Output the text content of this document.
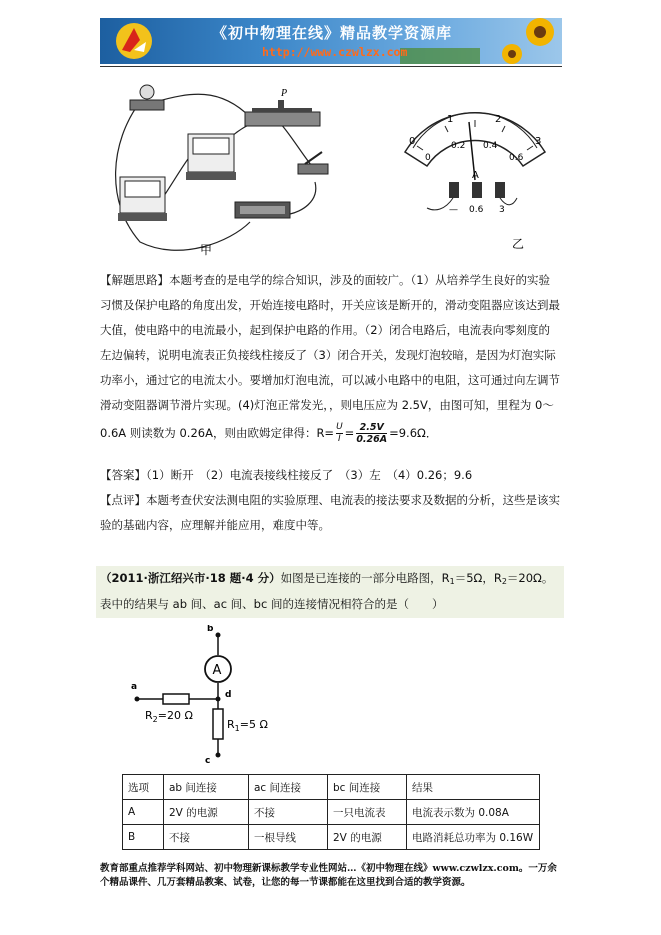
《初中物理在线》精品教学资源库
http://www.czwlzx.com
P
甲
0
1	2
3
0
0.2 0.4
0.6
A
— 0.6 3
乙
【解题思路】本题考查的是电学的综合知识，涉及的面较广。（1）从培养学生良好的实验
习惯及保护电路的角度出发，开始连接电路时，开关应该是断开的，滑动变阻器应该达到最
大值，使电路中的电流最小，起到保护电路的作用。（2）闭合电路后，电流表向零刻度的
左边偏转，说明电流表正负接线柱接反了（3）闭合开关，发现灯泡较暗，是因为灯泡实际
功率小，通过它的电流太小。要增加灯泡电流，可以减小电路中的电阻，这可通过向左调节
滑动变阻器调节滑片实现。(4)灯泡正常发光，，则电压应为 2.5V，由图可知，里程为 0～
0.6A 则读数为 0.26A，则由欧姆定律得：$R= \frac{U}{I} = \frac{2.5V}{0.26A} =9.6\Omega$．
【答案】（1）断开　（2）电流表接线柱接反了　（3）左　（4）0.26；9.6
【点评】本题考查伏安法测电阻的实验原理、电流表的接法要求及数据的分析，这些是该实
验的基础内容，应理解并能应用，难度中等。
（2011·浙江绍兴市·18 题·4 分）如图是已连接的一部分电路图，$R_1=5\Omega$，$R_2=20\Omega$。
表中的结果与 ab 间、ac 间、bc 间的连接情况相符合的是（　　）
A
b
a
d
c
$R_2=20$ Ω
$R_1=5$ Ω
选项	ab 间连接	ac 间连接	bc 间连接	结果
A	2V 的电源	不接	一只电流表	电流表示数为 0.08A
B	不接	一根导线	2V 的电源	电路消耗总功率为 0.16W
教育部重点推荐学科网站、初中物理新课标教学专业性网站…《初中物理在线》www.czwlzx.com。一万余
个精品课件、几万套精品教案、试卷，让您的每一节课都能在这里找到合适的教学资源。
